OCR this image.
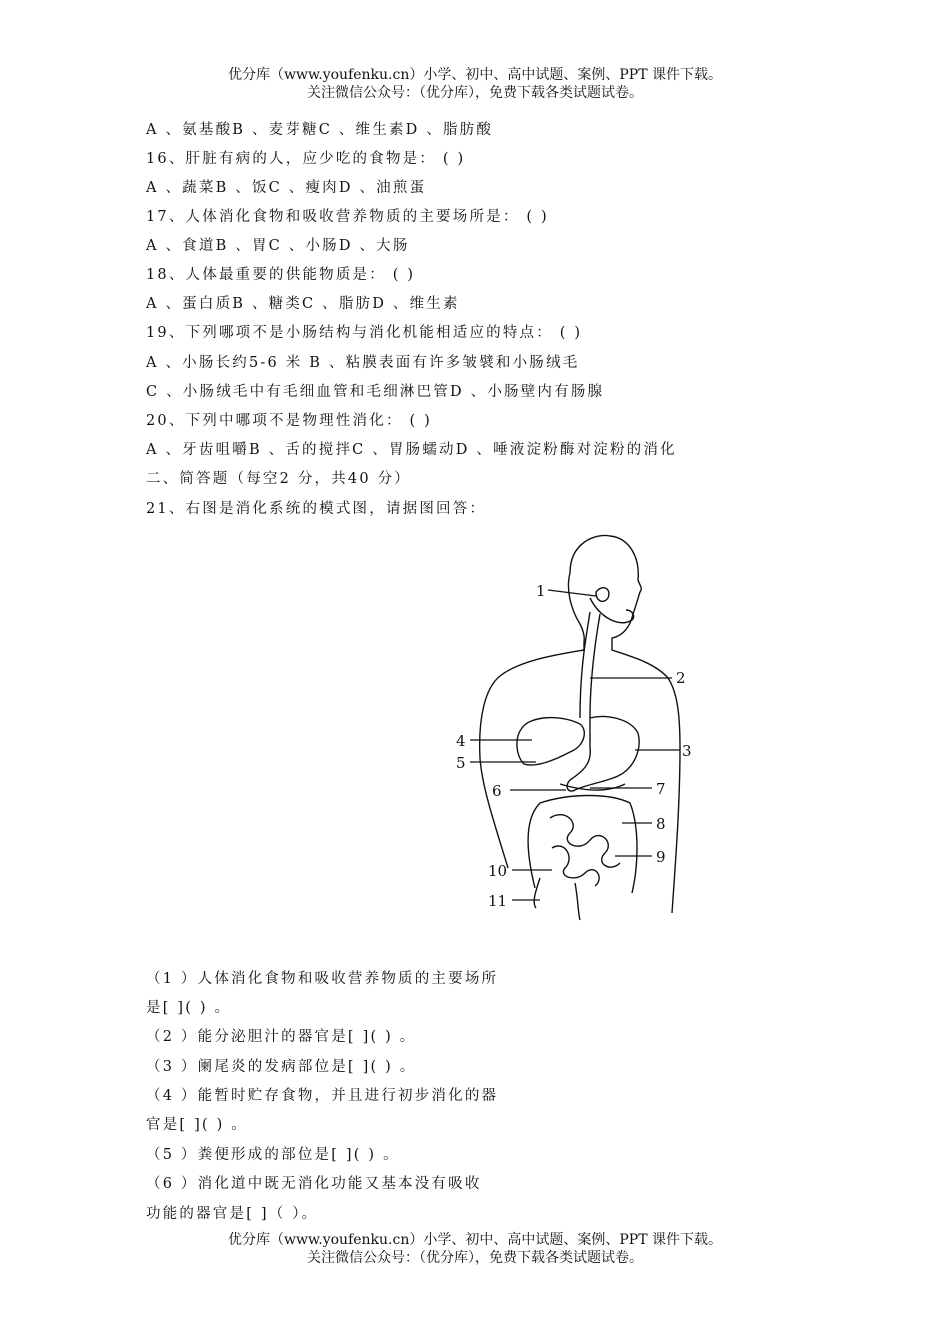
优分库（www.youfenku.cn）小学、初中、高中试题、案例、PPT 课件下载。
关注微信公众号：（优分库），免费下载各类试题试卷。
A 、氨基酸B 、麦芽糖C 、维生素D 、脂肪酸
16、肝脏有病的人，应少吃的食物是： ( )
A 、蔬菜B 、饭C 、瘦肉D 、油煎蛋
17、人体消化食物和吸收营养物质的主要场所是： ( )
A 、食道B 、胃C 、小肠D 、大肠
18、人体最重要的供能物质是： ( )
A 、蛋白质B 、糖类C 、脂肪D 、维生素
19、下列哪项不是小肠结构与消化机能相适应的特点： ( )
A 、小肠长约5-6 米 B 、粘膜表面有许多皱襞和小肠绒毛
C 、小肠绒毛中有毛细血管和毛细淋巴管D 、小肠壁内有肠腺
20、下列中哪项不是物理性消化： ( )
A 、牙齿咀嚼B 、舌的搅拌C 、胃肠蠕动D 、唾液淀粉酶对淀粉的消化
二、简答题（每空2 分，共40 分）
21、右图是消化系统的模式图，请据图回答：
1
2
3
4
5
6	7
8
9
10
11
（1 ）人体消化食物和吸收营养物质的主要场所
是[ ]( ) 。
（2 ）能分泌胆汁的器官是[ ]( ) 。
（3 ）阑尾炎的发病部位是[ ]( ) 。
（4 ）能暂时贮存食物，并且进行初步消化的器
官是[ ]( ) 。
（5 ）粪便形成的部位是[ ]( ) 。
（6 ）消化道中既无消化功能又基本没有吸收
功能的器官是[ ]（ ）。
优分库（www.youfenku.cn）小学、初中、高中试题、案例、PPT 课件下载。
关注微信公众号：（优分库），免费下载各类试题试卷。
